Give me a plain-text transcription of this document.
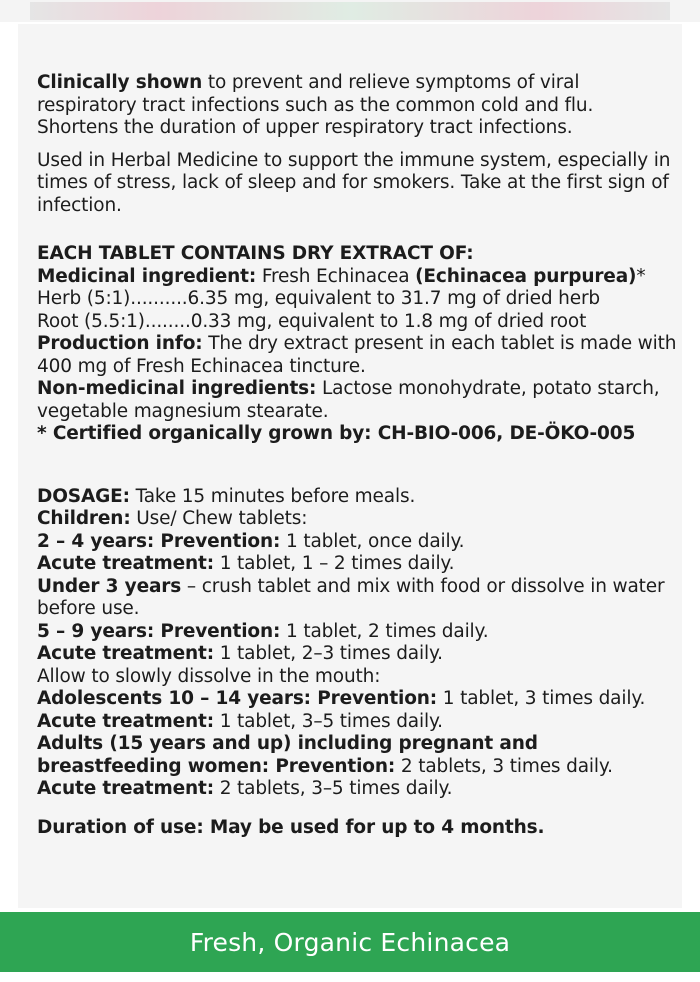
Clinically shown to prevent and relieve symptoms of viral respiratory tract infections such as the common cold and flu. Shortens the duration of upper respiratory tract infections.

Used in Herbal Medicine to support the immune system, especially in times of stress, lack of sleep and for smokers. Take at the first sign of infection.

EACH TABLET CONTAINS DRY EXTRACT OF:

Medicinal ingredient: Fresh Echinacea (Echinacea purpurea)*

Herb (5:1)..........6.35 mg, equivalent to 31.7 mg of dried herb

Root (5.5:1)........0.33 mg, equivalent to 1.8 mg of dried root

Production info: The dry extract present in each tablet is made with 400 mg of Fresh Echinacea tincture.

Non-medicinal ingredients: Lactose monohydrate, potato starch, vegetable magnesium stearate.

* Certified organically grown by: CH-BIO-006, DE-ÖKO-005

DOSAGE: Take 15 minutes before meals.

Children: Use/ Chew tablets:

2 – 4 years: Prevention: 1 tablet, once daily.

Acute treatment: 1 tablet, 1 – 2 times daily.

Under 3 years – crush tablet and mix with food or dissolve in water before use.

5 – 9 years: Prevention: 1 tablet, 2 times daily.

Acute treatment: 1 tablet, 2–3 times daily.

Allow to slowly dissolve in the mouth:

Adolescents 10 – 14 years: Prevention: 1 tablet, 3 times daily.

Acute treatment: 1 tablet, 3–5 times daily.

Adults (15 years and up) including pregnant and breastfeeding women: Prevention: 2 tablets, 3 times daily.

Acute treatment: 2 tablets, 3–5 times daily.

Duration of use: May be used for up to 4 months.

Fresh, Organic Echinacea
